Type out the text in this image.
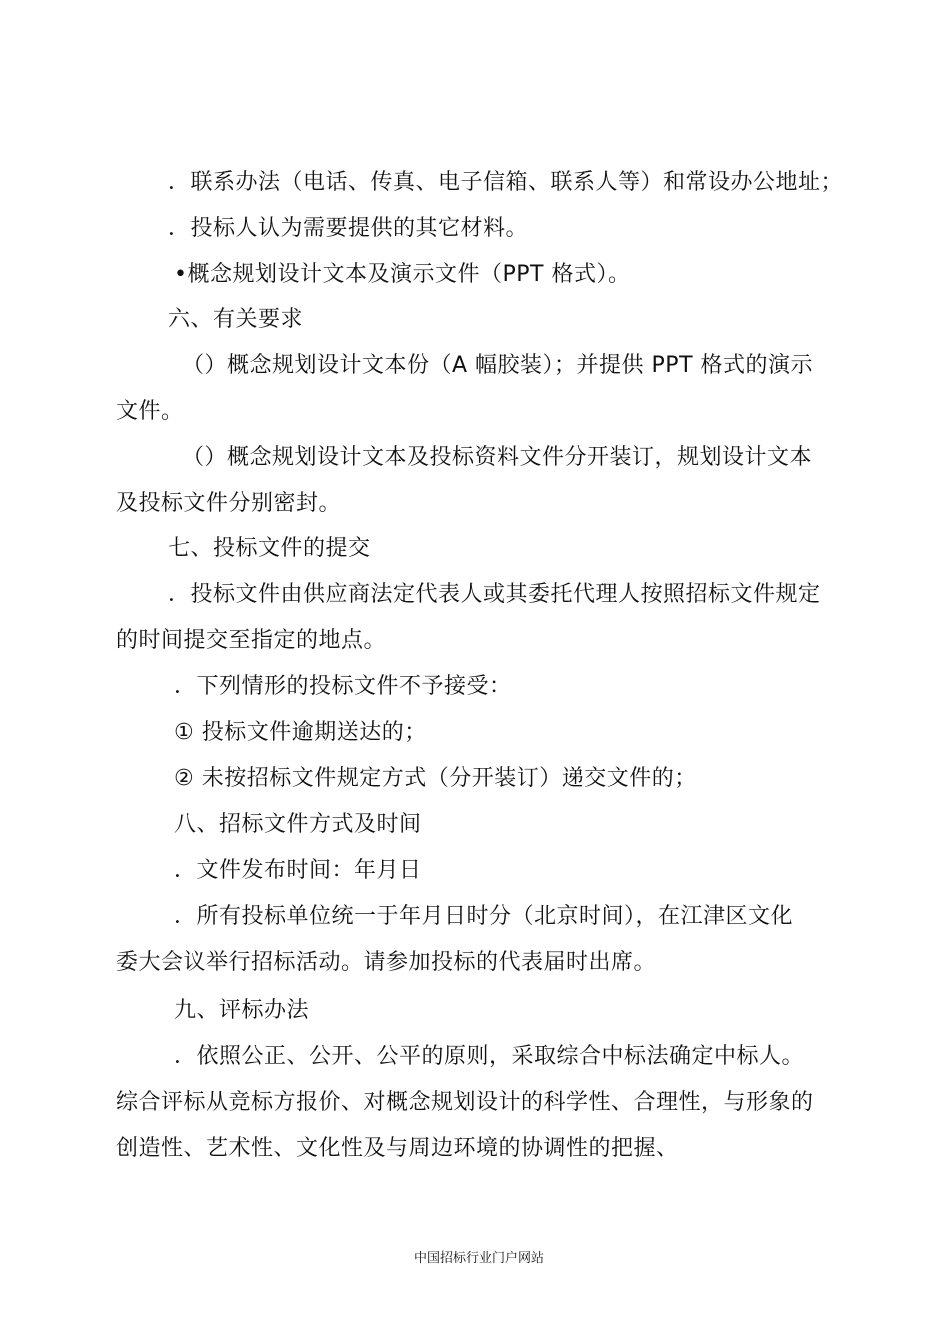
．联系办法（电话、传真、电子信箱、联系人等）和常设办公地址；
．投标人认为需要提供的其它材料。
•概念规划设计文本及演示文件（PPT 格式）。
六、有关要求
（）概念规划设计文本份（A 幅胶装）；并提供 PPT 格式的演示
文件。
（）概念规划设计文本及投标资料文件分开装订，规划设计文本
及投标文件分别密封。
七、投标文件的提交
．投标文件由供应商法定代表人或其委托代理人按照招标文件规定
的时间提交至指定的地点。
．下列情形的投标文件不予接受：
① 投标文件逾期送达的；
② 未按招标文件规定方式（分开装订）递交文件的；
八、招标文件方式及时间
．文件发布时间：年月日
．所有投标单位统一于年月日时分（北京时间），在江津区文化
委大会议举行招标活动。请参加投标的代表届时出席。
九、评标办法
．依照公正、公开、公平的原则，采取综合中标法确定中标人。
综合评标从竞标方报价、对概念规划设计的科学性、合理性，与形象的
创造性、艺术性、文化性及与周边环境的协调性的把握、
中国招标行业门户网站
